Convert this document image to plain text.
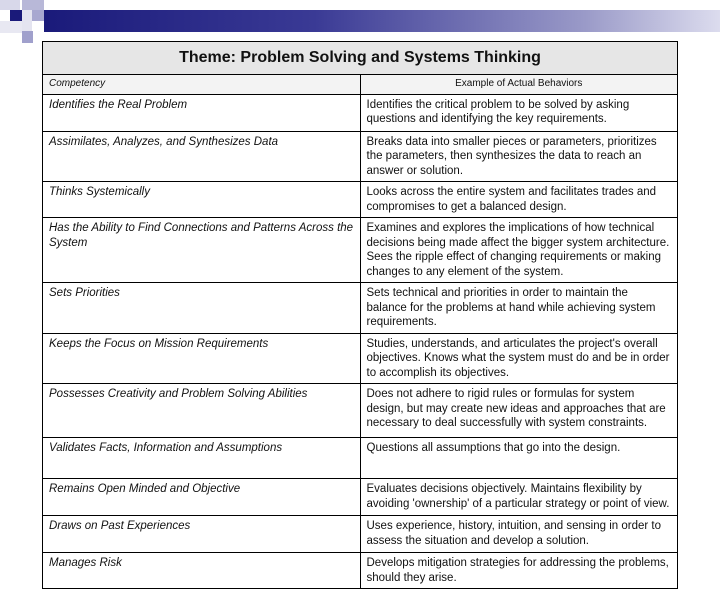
Theme: Problem Solving and Systems Thinking	
Competency	Example of Actual Behaviors
Identifies the Real Problem	Identifies the critical problem to be solved by asking questions and identifying the key requirements.
Assimilates, Analyzes, and Synthesizes Data	Breaks data into smaller pieces or parameters, prioritizes the parameters, then synthesizes the data to reach an answer or solution.
Thinks Systemically	Looks across the entire system and facilitates trades and compromises to get a balanced design.
Has the Ability to Find Connections and Patterns Across the System	Examines and explores the implications of how technical decisions being made affect the bigger system architecture. Sees the ripple effect of changing requirements or making changes to any element of the system.
Sets Priorities	Sets technical and priorities in order to maintain the balance for the problems at hand while achieving system requirements.
Keeps the Focus on Mission Requirements	Studies, understands, and articulates the project's overall objectives. Knows what the system must do and be in order to accomplish its objectives.
Possesses Creativity and Problem Solving Abilities	Does not adhere to rigid rules or formulas for system design, but may create new ideas and approaches that are necessary to deal successfully with system constraints.
Validates Facts, Information and Assumptions	Questions all assumptions that go into the design.
Remains Open Minded and Objective	Evaluates decisions objectively. Maintains flexibility by avoiding 'ownership' of a particular strategy or point of view.
Draws on Past Experiences	Uses experience, history, intuition, and sensing in order to assess the situation and develop a solution.
Manages Risk	Develops mitigation strategies for addressing the problems, should they arise.
